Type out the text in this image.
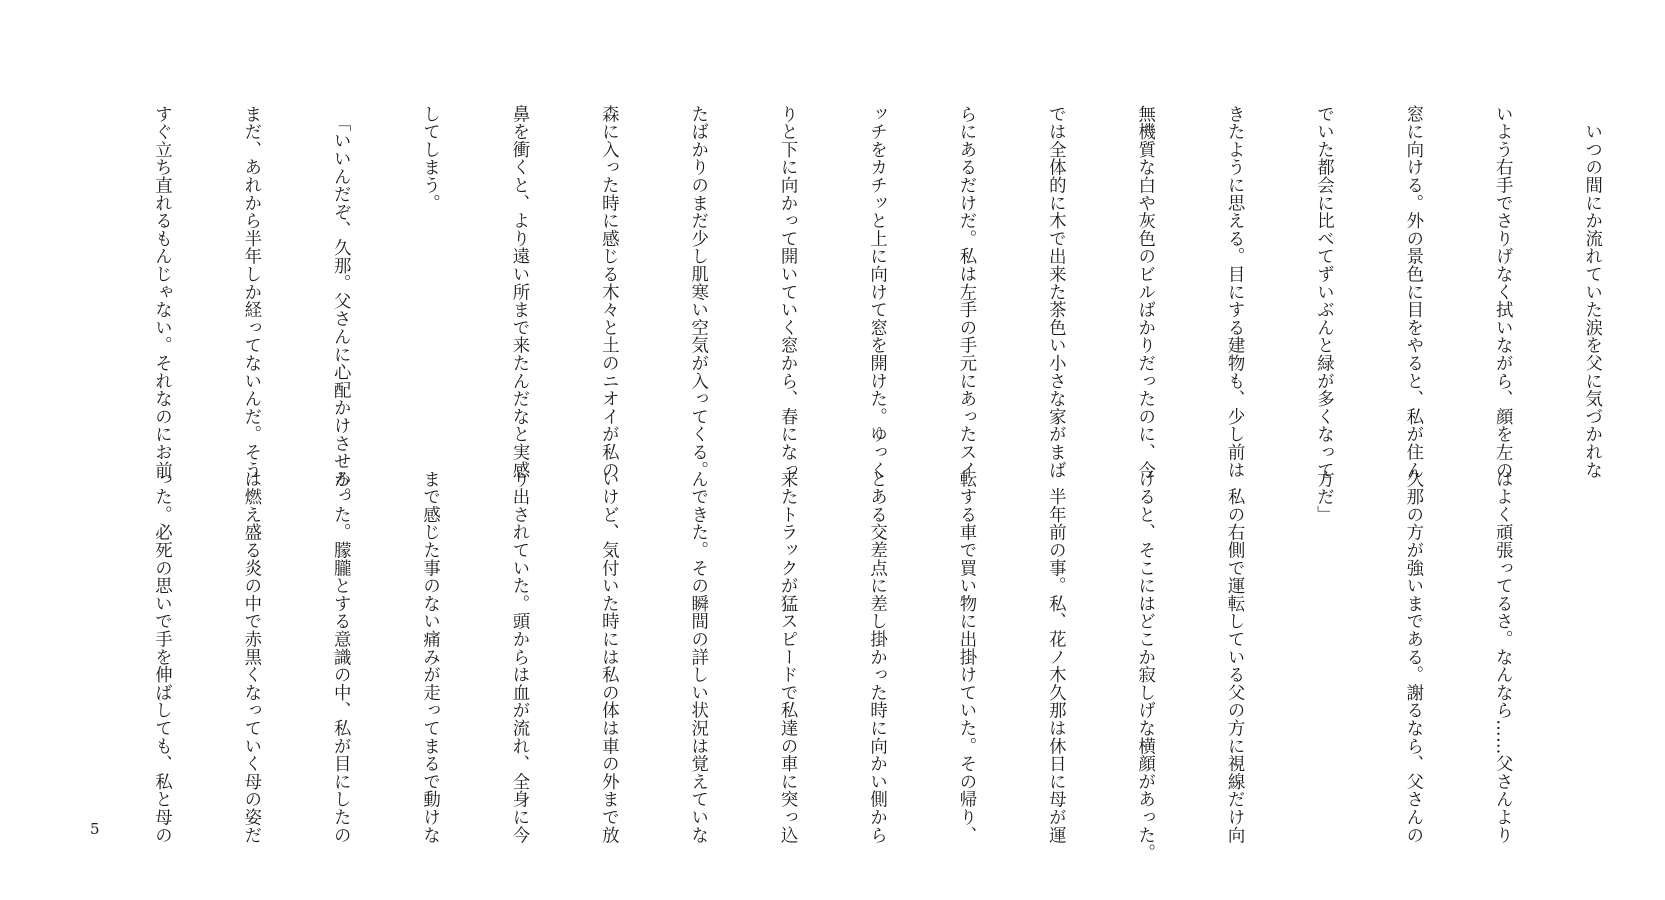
　いつの間にか流れていた涙を父に気づかれな

いよう右手でさりげなく拭いながら、顔を左の

窓に向ける。外の景色に目をやると、私が住ん

でいた都会に比べてずいぶんと緑が多くなって

きたように思える。目にする建物も、少し前は

無機質な白や灰色のビルばかりだったのに、今

では全体的に木で出来た茶色い小さな家がまば

らにあるだけだ。私は左手の手元にあったスイ

ッチをカチッと上に向けて窓を開けた。ゆっく

りと下に向かって開いていく窓から、春になっ

たばかりのまだ少し肌寒い空気が入ってくる。

森に入った時に感じる木々と土のニオイが私の

鼻を衝くと、より遠い所まで来たんだなと実感

してしまう。

　「いいんだぞ、久那。父さんに心配かけさせろ。

まだ、あれから半年しか経ってないんだ。そう

すぐ立ち直れるもんじゃない。それなのにお前

はよく頑張ってるさ。なんなら……父さんより

久那の方が強いまである。謝るなら、父さんの

方だ」

　私の右側で運転している父の方に視線だけ向

けると、そこにはどこか寂しげな横顔があった。

　半年前の事。私、花ノ木久那は休日に母が運

転する車で買い物に出掛けていた。その帰り、

とある交差点に差し掛かった時に向かい側から

来たトラックが猛スピードで私達の車に突っ込

んできた。その瞬間の詳しい状況は覚えていな

いけど、気付いた時には私の体は車の外まで放

り出されていた。頭からは血が流れ、全身に今

まで感じた事のない痛みが走ってまるで動けな

かった。朦朧とする意識の中、私が目にしたの

は燃え盛る炎の中で赤黒くなっていく母の姿だ

った。必死の思いで手を伸ばしても、私と母の

5
